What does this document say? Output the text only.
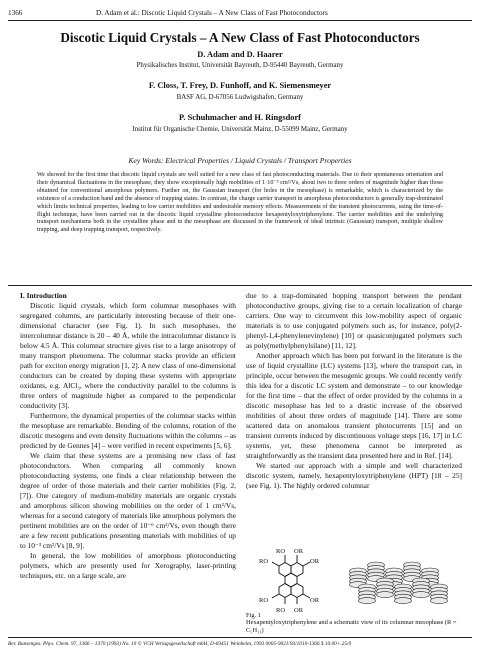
1366	D. Adam et al.: Discotic Liquid Crystals – A New Class of Fast Photoconductors
Discotic Liquid Crystals – A New Class of Fast Photoconductors
D. Adam and D. Haarer
Physikalisches Institut, Universität Bayreuth, D-95440 Bayreuth, Germany
F. Closs, T. Frey, D. Funhoff, and K. Siemensmeyer
BASF AG, D-67056 Ludwigshafen, Germany
P. Schuhmacher and H. Ringsdorf
Institut für Organische Chemie, Universität Mainz, D-55099 Mainz, Germany
Key Words: Electrical Properties / Liquid Crystals / Transport Properties
We showed for the first time that discotic liquid crystals are well suited for a new class of fast photoconducting materials. Due to their spontaneous orientation and their dynamical fluctuations in the mesophase, they show exceptionally high mobilities of 1·10⁻³ cm²/Vs, about two to three orders of magnitude higher than those obtained for conventional amorphous polymers. Further on, the Gaussian transport (for holes in the mesophase) is remarkable, which is characterized by the existence of a conduction band and the absence of trapping states. In contrast, the charge carrier transport in amorphous photoconductors is generally trap-dominated which limits technical properties, leading to low carrier mobilities and undesirable memory effects. Measurements of the transient photocurrents, using the time-of-flight technique, have been carried out in the discotic liquid crystalline photoconductor hexapentyloxytriphenylene. The carrier mobilities and the underlying transport mechanisms both in the crystalline phase and in the mesophase are discussed in the framework of ideal intrinsic (Gaussian) transport, multiple shallow trapping, and deep trapping transport, respectively.

I. Introduction

Discotic liquid crystals, which form columnar mesophases with segregated columns, are particularly interesting because of their one-dimensional character (see Fig. 1). In such mesophases, the intercolumnar distance is 20 – 40 Å, while the intracolumnar distance is below 4.5 Å. This columnar structure gives rise to a large anisotropy of many transport phenomena. The columnar stacks provide an efficient path for exciton energy migration [1, 2]. A new class of one-dimensional conductors can be created by doping these systems with appropriate oxidants, e.g. AlCl₃, where the conductivity parallel to the columns is three orders of magnitude higher as compared to the perpendicular conductivity [3].

Furthermore, the dynamical properties of the columnar stacks within the mesophase are remarkable. Bending of the columns, rotation of the discotic mesogens and even density fluctuations within the columns – as predicted by de Gennes [4] – were verified in recent experiments [5, 6].

We claim that these systems are a promising new class of fast photoconductors. When comparing all commonly known photoconducting systems, one finds a clear relationship between the degree of order of those materials and their carrier mobilities (Fig. 2, [7]). One category of medium-mobility materials are organic crystals and amorphous silicon showing mobilities on the order of 1 cm²/Vs, whereas for a second category of materials like amorphous polymers the pertinent mobilities are on the order of 10⁻⁶ cm²/Vs, even though there are a few recent publications presenting materials with mobilities of up to 10⁻³ cm²/Vs [8, 9].

In general, the low mobilities of amorphous photoconducting polymers, which are presently used for Xerography, laser-printing techniques, etc. on a large scale, are

due to a trap-dominated hopping transport between the pendant photoconductive groups, giving rise to a certain localization of charge carriers. One way to circumvent this low-mobility aspect of organic materials is to use conjugated polymers such as, for instance, poly(2-phenyl-1,4-phenylenevinylene) [10] or quasiconjugated polymers such as poly(methylphenylsilane) [11, 12].

Another approach which has been put forward in the literature is the use of liquid crystalline (LC) systems [13], where the transport can, in principle, occur between the mesogenic groups. We could recently verify this idea for a discotic LC system and demonstrate – to our knowledge for the first time – that the effect of order provided by the columns in a discotic mesophase has led to a drastic increase of the observed mobilities of about three orders of magnitude [14]. There are some scattered data on anomalous transient photocurrents [15] and on transient currents induced by discontinuous voltage steps [16, 17] in LC systems, yet, these phenomena cannot be interpreted as straightforwardly as the transient data presented here and in Ref. [14].

We started our approach with a simple and well characterized discotic system, namely, hexapentyloxytriphenylene (HPT) [18 – 25] (see Fig. 1). The highly ordered columnar

RO OR
RO	OR
RO	OR
RO OR
Fig. 1
Hexapentyloxytriphenylene and a schematic view of its columnar mesophase (R = C₅H₁₁)
Ber. Bunsenges. Phys. Chem. 97, 1366 – 1370 (1993) No. 10 © VCH Verlagsgesellschaft mbH, D-69451 Weinheim, 1993 0005-9021/93/1010-1366 $ 10.00+.25/0
